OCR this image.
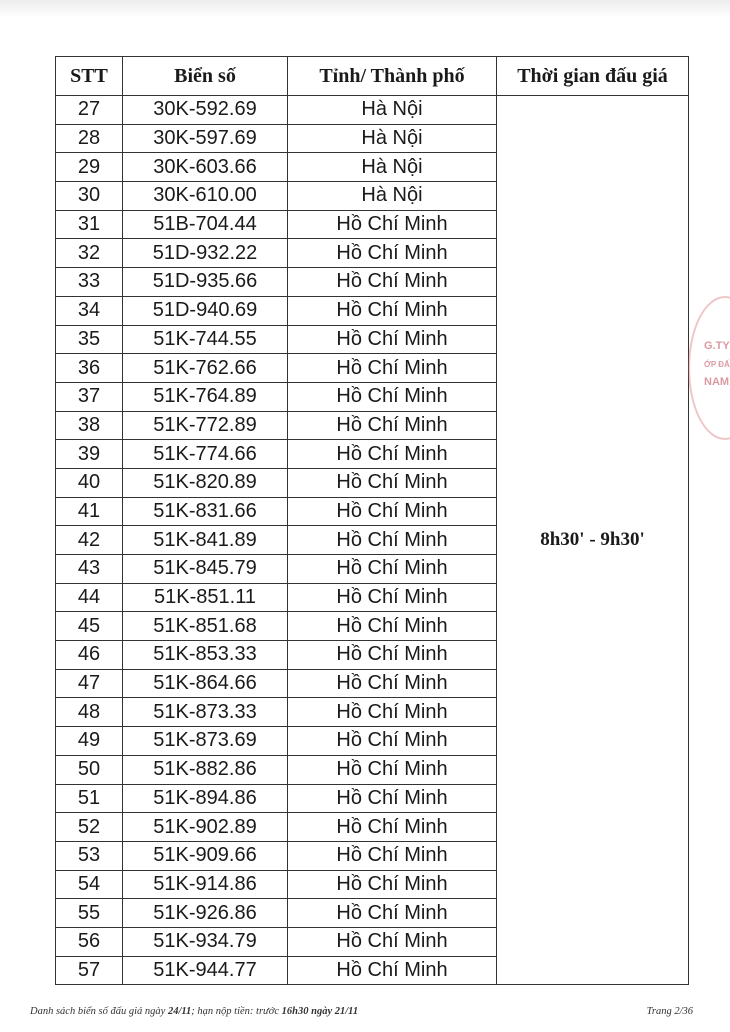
STT	Biển số	Tỉnh/ Thành phố	Thời gian đấu giá
27	30K-592.69	Hà Nội	8h30' - 9h30'
28	30K-597.69	Hà Nội	
29	30K-603.66	Hà Nội	
30	30K-610.00	Hà Nội	
31	51B-704.44	Hồ Chí Minh	
32	51D-932.22	Hồ Chí Minh	
33	51D-935.66	Hồ Chí Minh	
34	51D-940.69	Hồ Chí Minh	
35	51K-744.55	Hồ Chí Minh	
36	51K-762.66	Hồ Chí Minh	
37	51K-764.89	Hồ Chí Minh	
38	51K-772.89	Hồ Chí Minh	
39	51K-774.66	Hồ Chí Minh	
40	51K-820.89	Hồ Chí Minh	
41	51K-831.66	Hồ Chí Minh	
42	51K-841.89	Hồ Chí Minh	
43	51K-845.79	Hồ Chí Minh	
44	51K-851.11	Hồ Chí Minh	
45	51K-851.68	Hồ Chí Minh	
46	51K-853.33	Hồ Chí Minh	
47	51K-864.66	Hồ Chí Minh	
48	51K-873.33	Hồ Chí Minh	
49	51K-873.69	Hồ Chí Minh	
50	51K-882.86	Hồ Chí Minh	
51	51K-894.86	Hồ Chí Minh	
52	51K-902.89	Hồ Chí Minh	
53	51K-909.66	Hồ Chí Minh	
54	51K-914.86	Hồ Chí Minh	
55	51K-926.86	Hồ Chí Minh	
56	51K-934.79	Hồ Chí Minh	
57	51K-944.77	Hồ Chí Minh	
G.TY
ỚP ĐẤ
NAM
Danh sách biển số đấu giá ngày 24/11; hạn nộp tiền: trước 16h30 ngày 21/11	Trang 2/36
